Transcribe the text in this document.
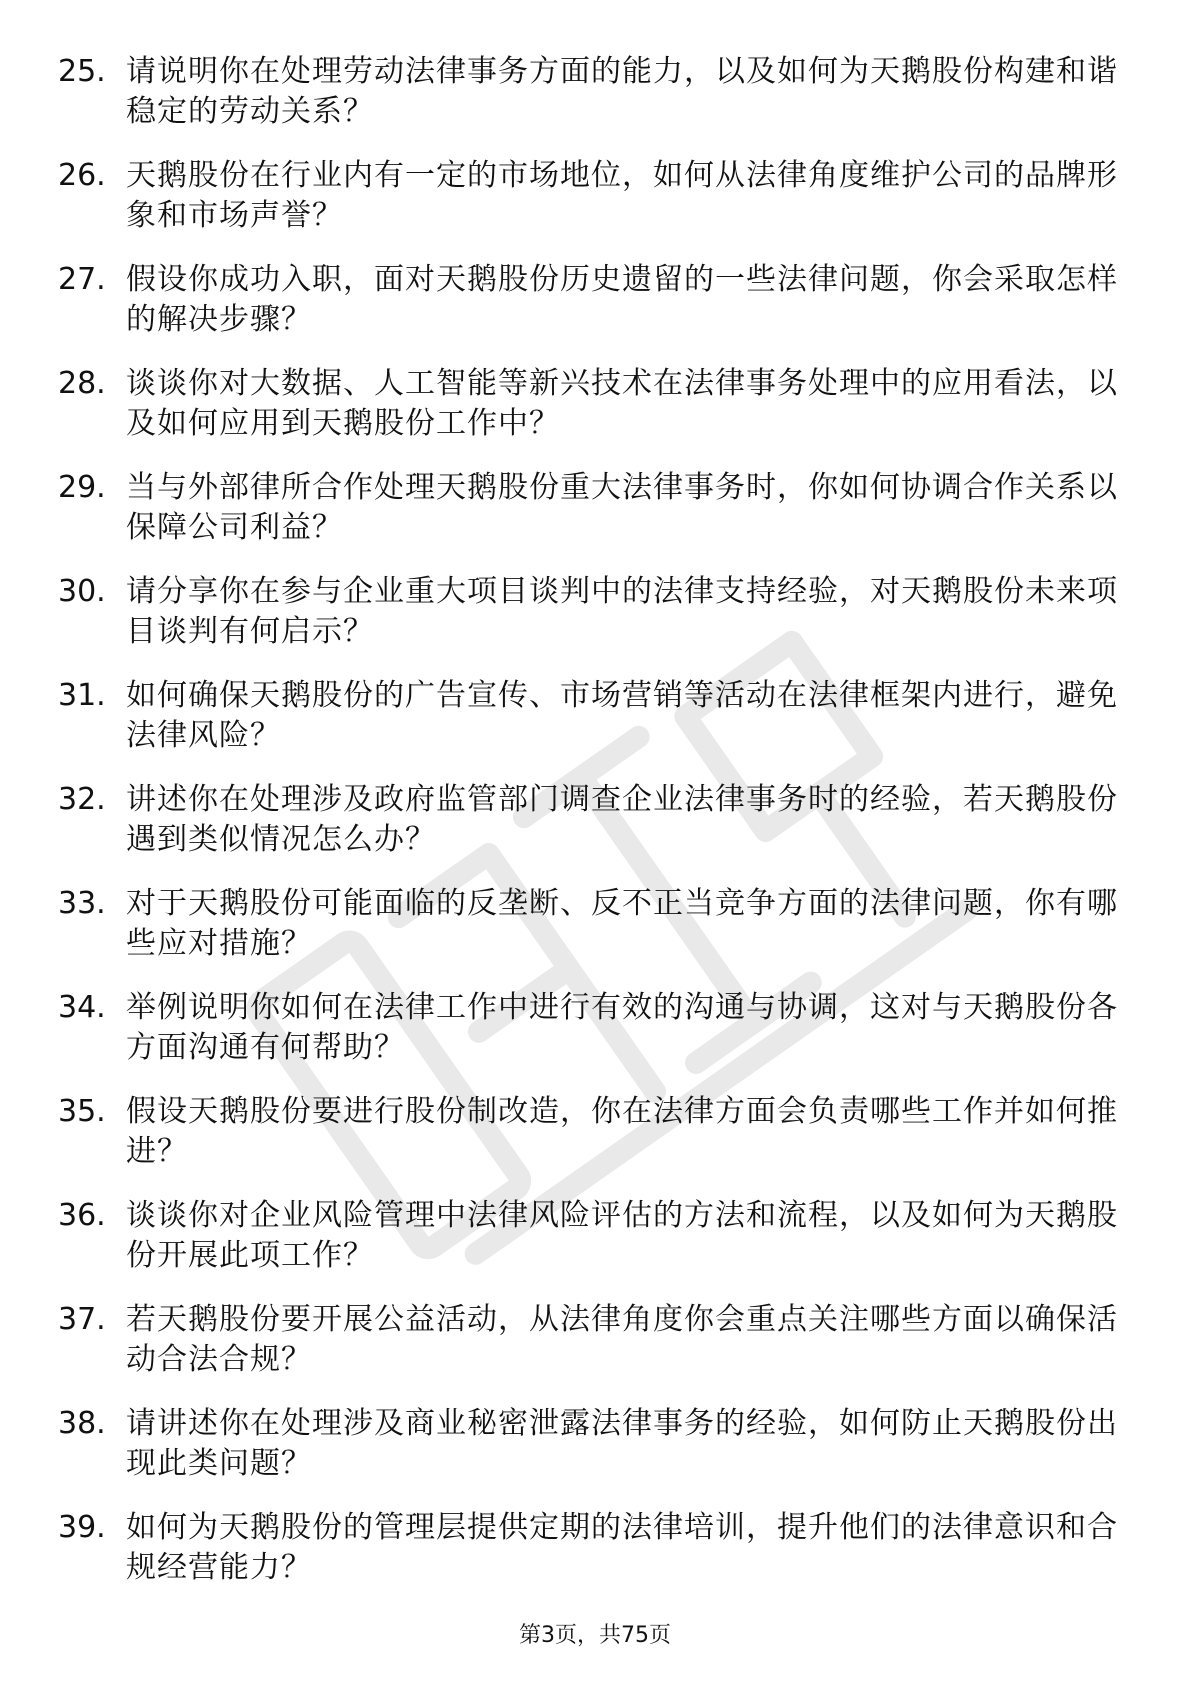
25. 请说明你在处理劳动法律事务方面的能力，以及如何为天鹅股份构建和谐稳定的劳动关系？
26. 天鹅股份在行业内有一定的市场地位，如何从法律角度维护公司的品牌形象和市场声誉？
27. 假设你成功入职，面对天鹅股份历史遗留的一些法律问题，你会采取怎样的解决步骤？
28. 谈谈你对大数据、人工智能等新兴技术在法律事务处理中的应用看法，以及如何应用到天鹅股份工作中？
29. 当与外部律所合作处理天鹅股份重大法律事务时，你如何协调合作关系以保障公司利益？
30. 请分享你在参与企业重大项目谈判中的法律支持经验，对天鹅股份未来项目谈判有何启示？
31. 如何确保天鹅股份的广告宣传、市场营销等活动在法律框架内进行，避免法律风险？
32. 讲述你在处理涉及政府监管部门调查企业法律事务时的经验，若天鹅股份遇到类似情况怎么办？
33. 对于天鹅股份可能面临的反垄断、反不正当竞争方面的法律问题，你有哪些应对措施？
34. 举例说明你如何在法律工作中进行有效的沟通与协调，这对与天鹅股份各方面沟通有何帮助？
35. 假设天鹅股份要进行股份制改造，你在法律方面会负责哪些工作并如何推进？
36. 谈谈你对企业风险管理中法律风险评估的方法和流程，以及如何为天鹅股份开展此项工作？
37. 若天鹅股份要开展公益活动，从法律角度你会重点关注哪些方面以确保活动合法合规？
38. 请讲述你在处理涉及商业秘密泄露法律事务的经验，如何防止天鹅股份出现此类问题？
39. 如何为天鹅股份的管理层提供定期的法律培训，提升他们的法律意识和合规经营能力？
第3页，共75页
